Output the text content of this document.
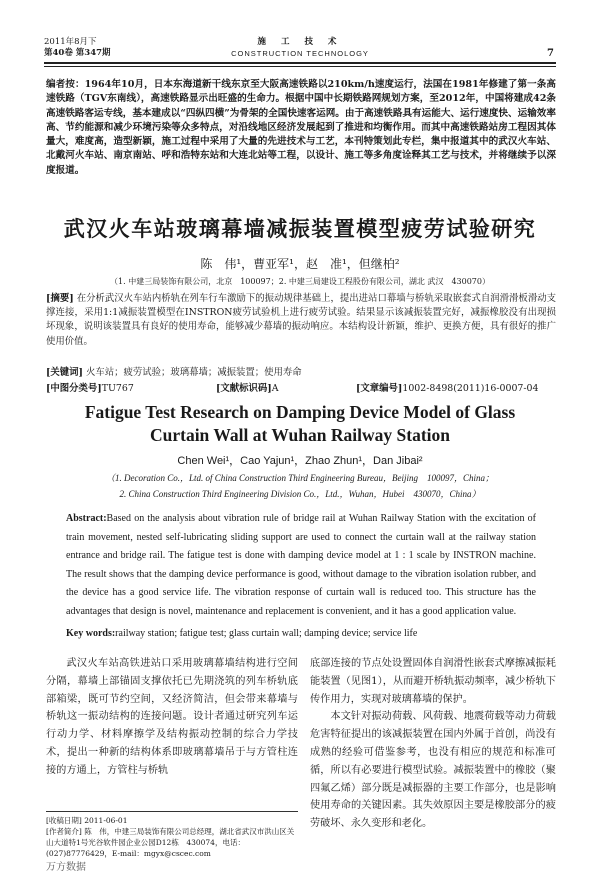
2011年8月下
第40卷 第347期
施 工 技 术
CONSTRUCTION TECHNOLOGY	7
编者按：1964年10月，日本东海道新干线东京至大阪高速铁路以210km/h速度运行，法国在1981年修建了第一条高速铁路（TGV东南线），高速铁路显示出旺盛的生命力。根据中国中长期铁路网规划方案，至2012年，中国将建成42条高速铁路客运专线，基本建成以“四纵四横”为骨架的全国快速客运网。由于高速铁路具有运能大、运行速度快、运输效率高、节约能源和减少环境污染等众多特点，对沿线地区经济发展起到了推进和均衡作用。而其中高速铁路站房工程因其体量大，难度高，造型新颖，施工过程中采用了大量的先进技术与工艺，本刊特策划此专栏，集中报道其中的武汉火车站、北戴河火车站、南京南站、呼和浩特东站和大连北站等工程，以设计、施工等多角度诠释其工艺与技术，并将继续予以深度报道。
武汉火车站玻璃幕墙减振装置模型疲劳试验研究
陈　伟¹，曹亚军¹，赵　准¹，但继柏²
（1. 中建三局装饰有限公司，北京　100097；2. 中建三局建设工程股份有限公司，湖北 武汉　430070）
[摘要] 在分析武汉火车站内桥轨在列车行车激励下的振动规律基础上，提出进站口幕墙与桥轨采取嵌套式自润滑滑板滑动支撑连接，采用1:1减振装置模型在INSTRON疲劳试验机上进行疲劳试验。结果显示该减振装置完好，减振橡胶没有出现损坏现象，说明该装置具有良好的使用寿命，能够减少幕墙的振动响应。本结构设计新颖，维护、更换方便，具有很好的推广使用价值。
[关键词] 火车站；疲劳试验；玻璃幕墙；减振装置；使用寿命
[中图分类号]TU767	[文献标识码]A	[文章编号]1002-8498(2011)16-0007-04
Fatigue Test Research on Damping Device Model of Glass
Curtain Wall at Wuhan Railway Station
Chen Wei¹，Cao Yajun¹，Zhao Zhun¹，Dan Jibai²
（1. Decoration Co.，Ltd. of China Construction Third Engineering Bureau，Beijing　100097，China；
2. China Construction Third Engineering Division Co.，Ltd.，Wuhan，Hubei　430070，China）
Abstract:Based on the analysis about vibration rule of bridge rail at Wuhan Railway Station with the excitation of train movement, nested self-lubricating sliding support are used to connect the curtain wall at the railway station entrance and bridge rail. The fatigue test is done with damping device model at 1 : 1 scale by INSTRON machine. The result shows that the damping device performance is good, without damage to the vibration isolation rubber, and the device has a good service life. The vibration response of curtain wall is reduced too. This structure has the advantages that design is novel, maintenance and replacement is convenient, and it has a good application value.
Key words:railway station; fatigue test; glass curtain wall; damping device; service life
武汉火车站高铁进站口采用玻璃幕墙结构进行空间分隔，幕墙上部锚固支撑依托已先期浇筑的列车桥轨底部箱梁，既可节约空间，又经济简洁，但会带来幕墙与桥轨这一振动结构的连接问题。设计者通过研究列车运行动力学、材料摩擦学及结构振动控制的综合力学技术，提出一种新的结构体系即玻璃幕墙吊于与方管柱连接的方通上，方管柱与桥轨

底部连接的节点处设置固体自润滑性嵌套式摩擦减振耗能装置（见图1），从而避开桥轨振动频率，减少桥轨下传作用力，实现对玻璃幕墙的保护。

本文针对振动荷载、风荷载、地震荷载等动力荷载危害特征提出的该减振装置在国内外属于首创，尚没有成熟的经验可借鉴参考，也没有相应的规范和标准可循，所以有必要进行模型试验。减振装置中的橡胶（聚四氟乙烯）部分既是减振器的主要工作部分，也是影响使用寿命的关键因素。其失效原因主要是橡胶部分的疲劳破坏、永久变形和老化。

[收稿日期] 2011-06-01
[作者简介] 陈　伟，中建三局装饰有限公司总经理，湖北省武汉市洪山区关山大道特1号光谷软件园企业公园D12栋　430074，电话：(027)87776429，E-mail：mgyx@cscec.com
万方数据
